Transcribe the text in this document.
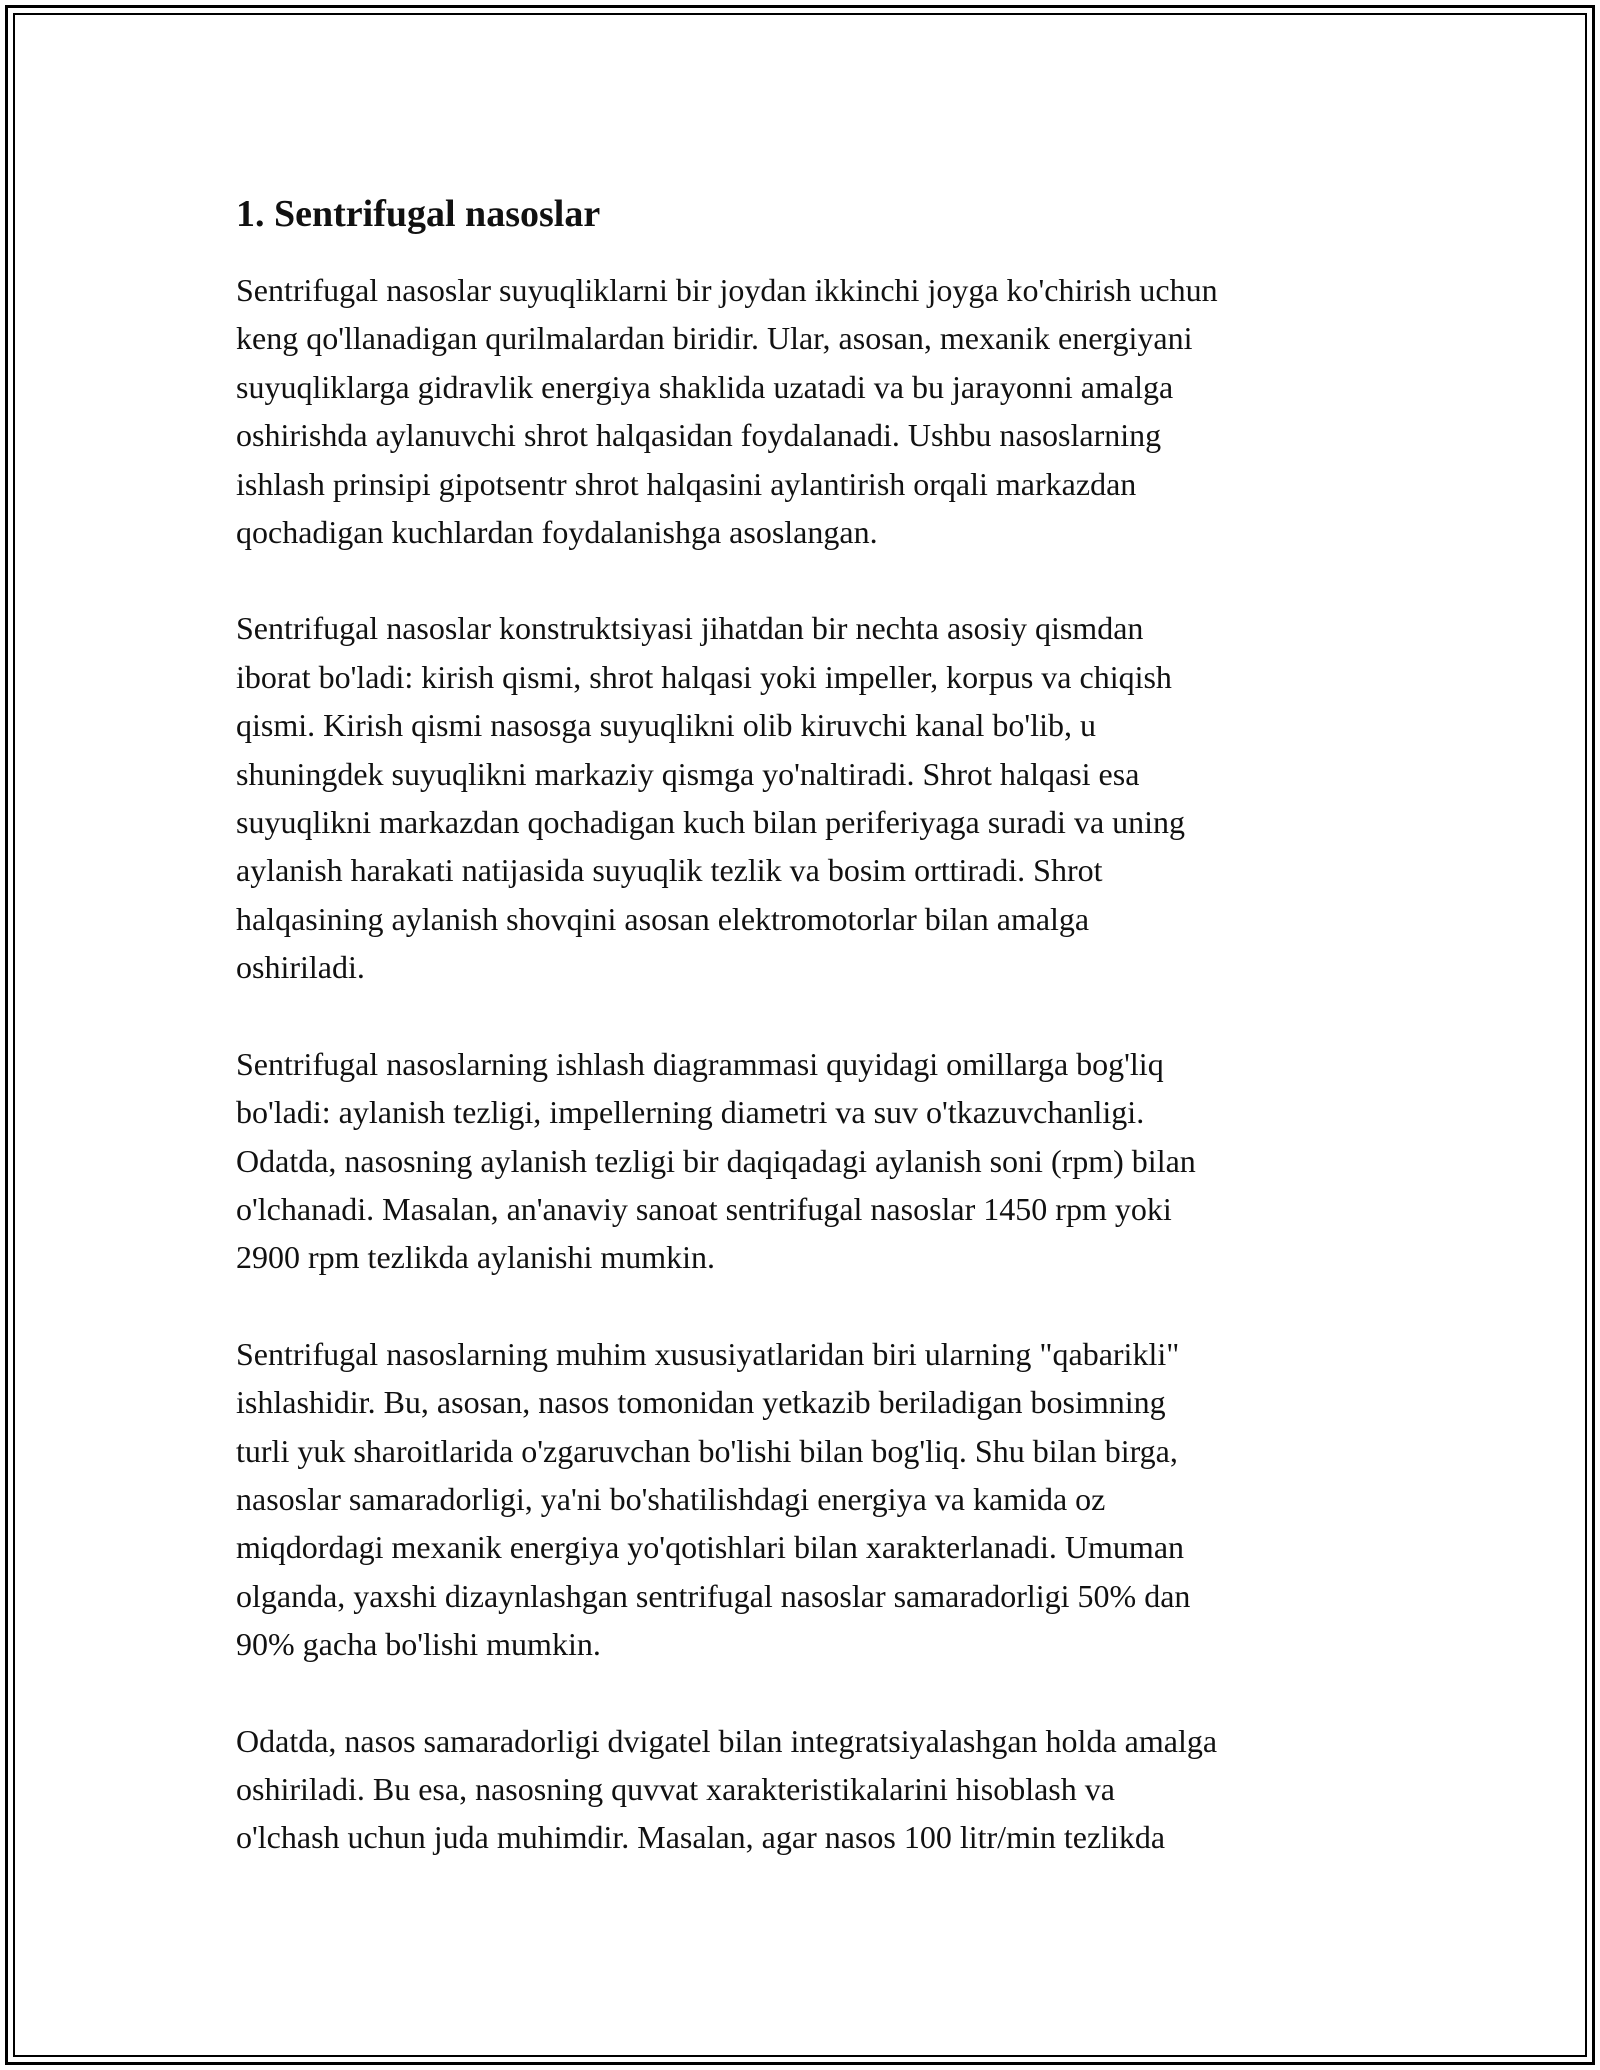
1. Sentrifugal nasoslar

Sentrifugal nasoslar suyuqliklarni bir joydan ikkinchi joyga ko'chirish uchun
keng qo'llanadigan qurilmalardan biridir. Ular, asosan, mexanik energiyani
suyuqliklarga gidravlik energiya shaklida uzatadi va bu jarayonni amalga
oshirishda aylanuvchi shrot halqasidan foydalanadi. Ushbu nasoslarning
ishlash prinsipi gipotsentr shrot halqasini aylantirish orqali markazdan
qochadigan kuchlardan foydalanishga asoslangan.

Sentrifugal nasoslar konstruktsiyasi jihatdan bir nechta asosiy qismdan
iborat bo'ladi: kirish qismi, shrot halqasi yoki impeller, korpus va chiqish
qismi. Kirish qismi nasosga suyuqlikni olib kiruvchi kanal bo'lib, u
shuningdek suyuqlikni markaziy qismga yo'naltiradi. Shrot halqasi esa
suyuqlikni markazdan qochadigan kuch bilan periferiyaga suradi va uning
aylanish harakati natijasida suyuqlik tezlik va bosim orttiradi. Shrot
halqasining aylanish shovqini asosan elektromotorlar bilan amalga
oshiriladi.

Sentrifugal nasoslarning ishlash diagrammasi quyidagi omillarga bog'liq
bo'ladi: aylanish tezligi, impellerning diametri va suv o'tkazuvchanligi.
Odatda, nasosning aylanish tezligi bir daqiqadagi aylanish soni (rpm) bilan
o'lchanadi. Masalan, an'anaviy sanoat sentrifugal nasoslar 1450 rpm yoki
2900 rpm tezlikda aylanishi mumkin.

Sentrifugal nasoslarning muhim xususiyatlaridan biri ularning "qabarikli"
ishlashidir. Bu, asosan, nasos tomonidan yetkazib beriladigan bosimning
turli yuk sharoitlarida o'zgaruvchan bo'lishi bilan bog'liq. Shu bilan birga,
nasoslar samaradorligi, ya'ni bo'shatilishdagi energiya va kamida oz
miqdordagi mexanik energiya yo'qotishlari bilan xarakterlanadi. Umuman
olganda, yaxshi dizaynlashgan sentrifugal nasoslar samaradorligi 50% dan
90% gacha bo'lishi mumkin.

Odatda, nasos samaradorligi dvigatel bilan integratsiyalashgan holda amalga
oshiriladi. Bu esa, nasosning quvvat xarakteristikalarini hisoblash va
o'lchash uchun juda muhimdir. Masalan, agar nasos 100 litr/min tezlikda
